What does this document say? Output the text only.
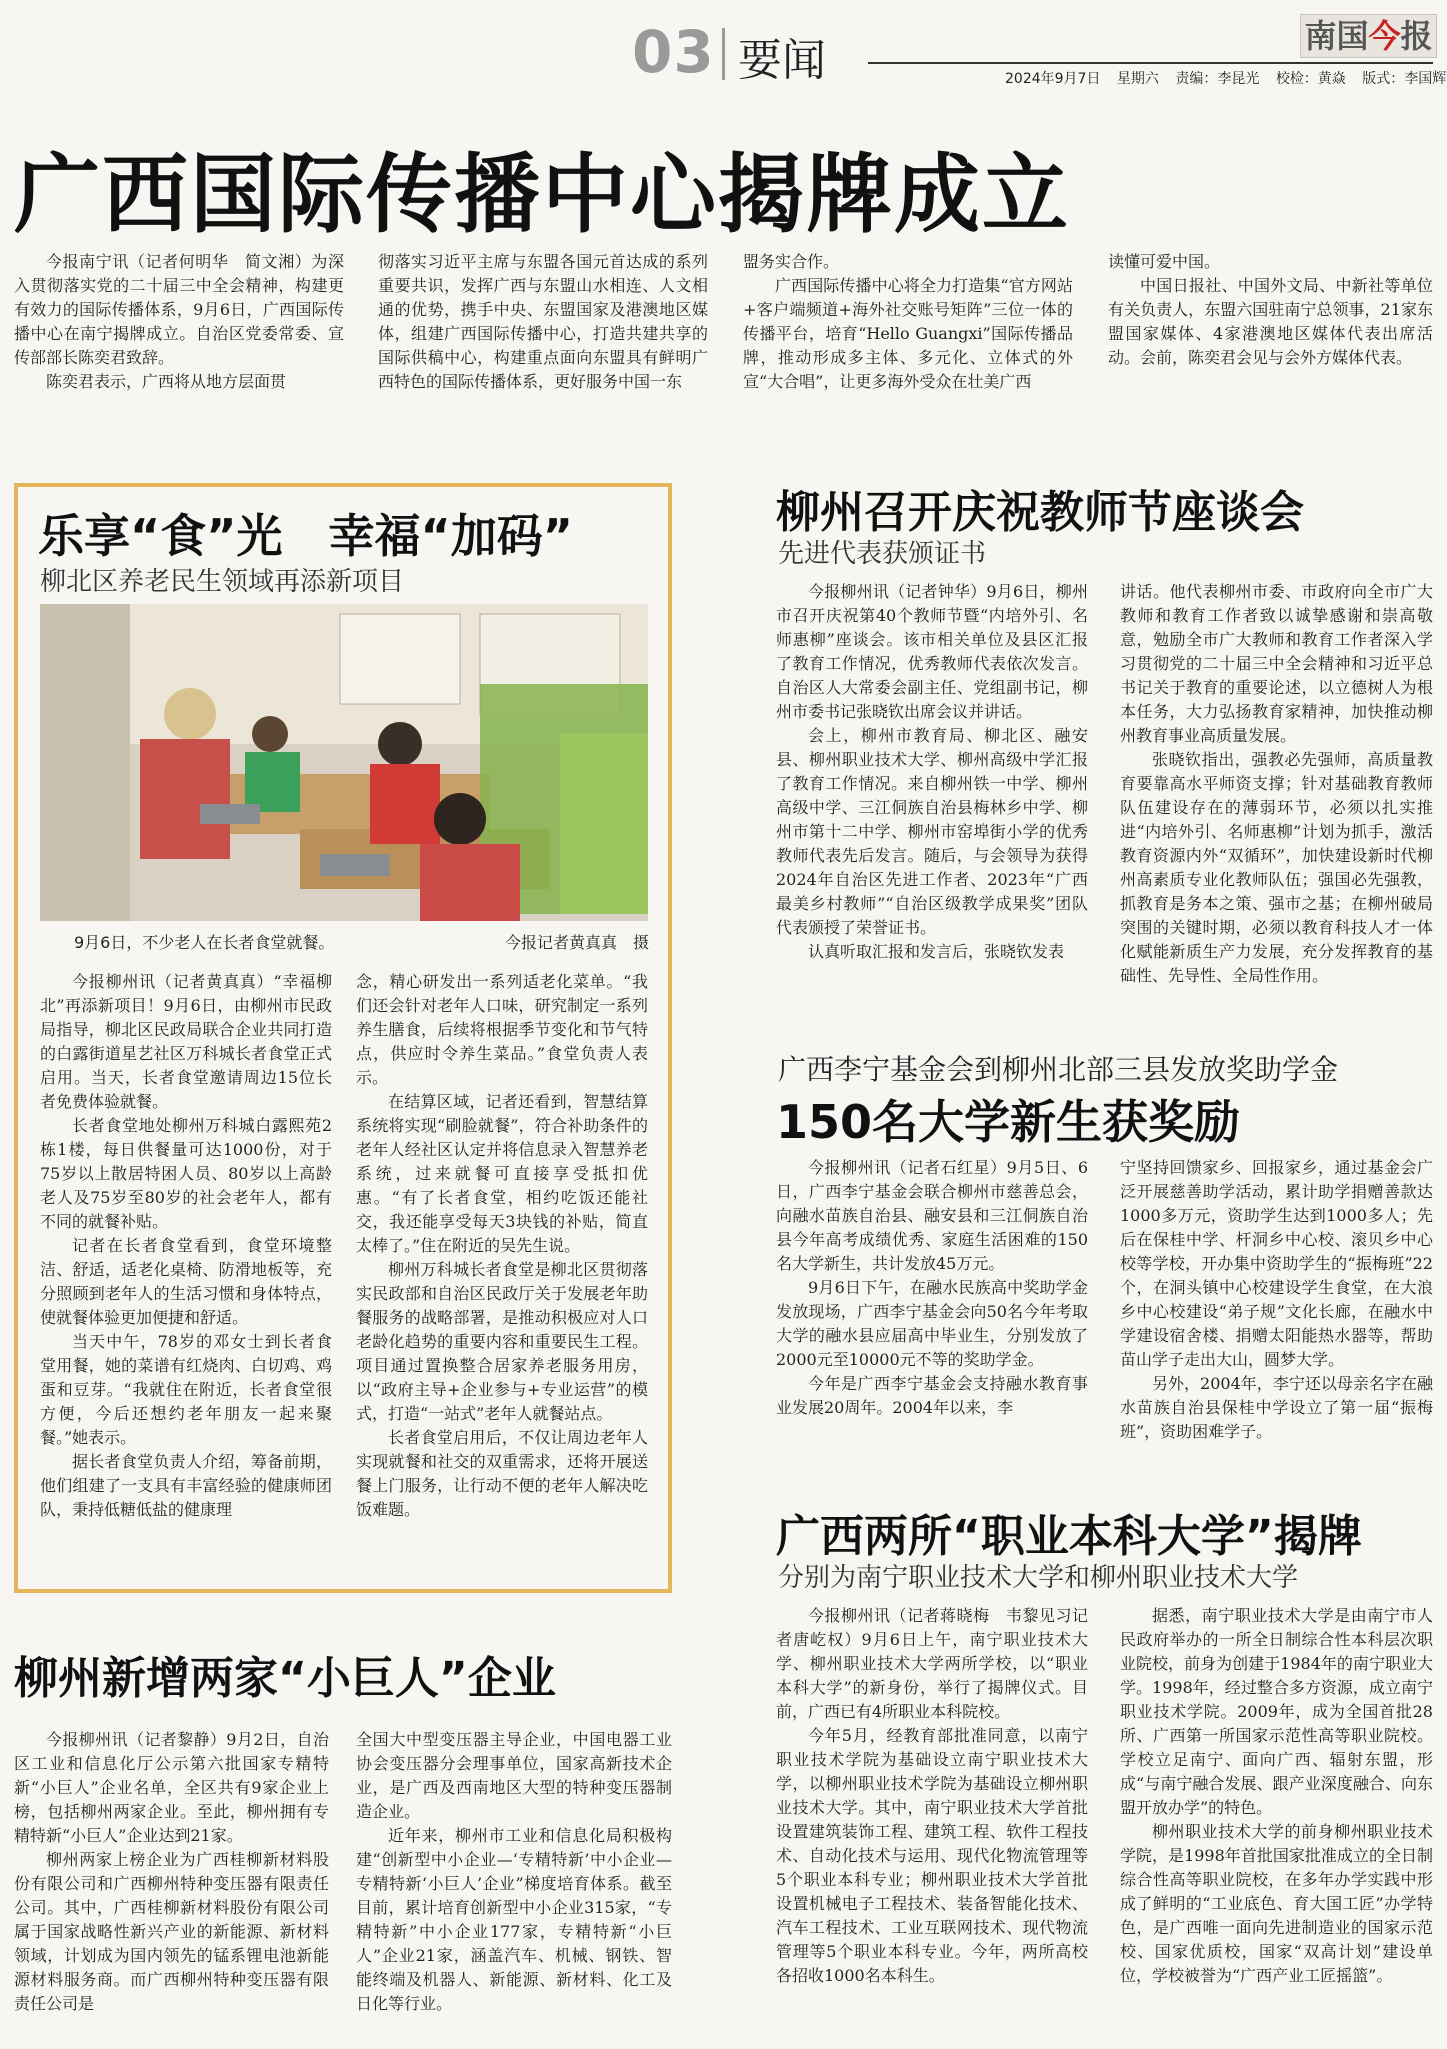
03 要闻	南国今报
2024年9月7日 星期六 责编：李昆光 校检：黄焱 版式：李国辉
广西国际传播中心揭牌成立

今报南宁讯（记者何明华　简文湘）为深入贯彻落实党的二十届三中全会精神，构建更有效力的国际传播体系，9月6日，广西国际传播中心在南宁揭牌成立。自治区党委常委、宣传部部长陈奕君致辞。

陈奕君表示，广西将从地方层面贯

彻落实习近平主席与东盟各国元首达成的系列重要共识，发挥广西与东盟山水相连、人文相通的优势，携手中央、东盟国家及港澳地区媒体，组建广西国际传播中心，打造共建共享的国际供稿中心，构建重点面向东盟具有鲜明广西特色的国际传播体系，更好服务中国一东

盟务实合作。

广西国际传播中心将全力打造集“官方网站+客户端频道+海外社交账号矩阵”三位一体的传播平台，培育“Hello Guangxi”国际传播品牌，推动形成多主体、多元化、立体式的外宣“大合唱”，让更多海外受众在壮美广西

读懂可爱中国。

中国日报社、中国外文局、中新社等单位有关负责人，东盟六国驻南宁总领事，21家东盟国家媒体、4家港澳地区媒体代表出席活动。会前，陈奕君会见与会外方媒体代表。

乐享“食”光　幸福“加码”
柳北区养老民生领域再添新项目
9月6日，不少老人在长者食堂就餐。	今报记者黄真真　摄

今报柳州讯（记者黄真真）“幸福柳北”再添新项目！9月6日，由柳州市民政局指导，柳北区民政局联合企业共同打造的白露街道星艺社区万科城长者食堂正式启用。当天，长者食堂邀请周边15位长者免费体验就餐。

长者食堂地处柳州万科城白露熙苑2栋1楼，每日供餐量可达1000份，对于75岁以上散居特困人员、80岁以上高龄老人及75岁至80岁的社会老年人，都有不同的就餐补贴。

记者在长者食堂看到，食堂环境整洁、舒适，适老化桌椅、防滑地板等，充分照顾到老年人的生活习惯和身体特点，使就餐体验更加便捷和舒适。

当天中午，78岁的邓女士到长者食堂用餐，她的菜谱有红烧肉、白切鸡、鸡蛋和豆芽。“我就住在附近，长者食堂很方便，今后还想约老年朋友一起来聚餐。”她表示。

据长者食堂负责人介绍，筹备前期，他们组建了一支具有丰富经验的健康师团队，秉持低糖低盐的健康理

念，精心研发出一系列适老化菜单。“我们还会针对老年人口味，研究制定一系列养生膳食，后续将根据季节变化和节气特点，供应时令养生菜品。”食堂负责人表示。

在结算区域，记者还看到，智慧结算系统将实现“刷脸就餐”，符合补助条件的老年人经社区认定并将信息录入智慧养老系统，过来就餐可直接享受抵扣优惠。“有了长者食堂，相约吃饭还能社交，我还能享受每天3块钱的补贴，简直太棒了。”住在附近的吴先生说。

柳州万科城长者食堂是柳北区贯彻落实民政部和自治区民政厅关于发展老年助餐服务的战略部署，是推动积极应对人口老龄化趋势的重要内容和重要民生工程。项目通过置换整合居家养老服务用房，以“政府主导+企业参与+专业运营”的模式，打造“一站式”老年人就餐站点。

长者食堂启用后，不仅让周边老年人实现就餐和社交的双重需求，还将开展送餐上门服务，让行动不便的老年人解决吃饭难题。

柳州新增两家“小巨人”企业

今报柳州讯（记者黎静）9月2日，自治区工业和信息化厅公示第六批国家专精特新“小巨人”企业名单，全区共有9家企业上榜，包括柳州两家企业。至此，柳州拥有专精特新“小巨人”企业达到21家。

柳州两家上榜企业为广西桂柳新材料股份有限公司和广西柳州特种变压器有限责任公司。其中，广西桂柳新材料股份有限公司属于国家战略性新兴产业的新能源、新材料领域，计划成为国内领先的锰系锂电池新能源材料服务商。而广西柳州特种变压器有限责任公司是

全国大中型变压器主导企业，中国电器工业协会变压器分会理事单位，国家高新技术企业，是广西及西南地区大型的特种变压器制造企业。

近年来，柳州市工业和信息化局积极构建“创新型中小企业—‘专精特新’中小企业—专精特新‘小巨人’企业”梯度培育体系。截至目前，累计培育创新型中小企业315家，“专精特新”中小企业177家，专精特新“小巨人”企业21家，涵盖汽车、机械、钢铁、智能终端及机器人、新能源、新材料、化工及日化等行业。

柳州召开庆祝教师节座谈会
先进代表获颁证书

今报柳州讯（记者钟华）9月6日，柳州市召开庆祝第40个教师节暨“内培外引、名师惠柳”座谈会。该市相关单位及县区汇报了教育工作情况，优秀教师代表依次发言。自治区人大常委会副主任、党组副书记，柳州市委书记张晓钦出席会议并讲话。

会上，柳州市教育局、柳北区、融安县、柳州职业技术大学、柳州高级中学汇报了教育工作情况。来自柳州铁一中学、柳州高级中学、三江侗族自治县梅林乡中学、柳州市第十二中学、柳州市窑埠街小学的优秀教师代表先后发言。随后，与会领导为获得2024年自治区先进工作者、2023年“广西最美乡村教师”“自治区级教学成果奖”团队代表颁授了荣誉证书。

认真听取汇报和发言后，张晓钦发表

讲话。他代表柳州市委、市政府向全市广大教师和教育工作者致以诚挚感谢和崇高敬意，勉励全市广大教师和教育工作者深入学习贯彻党的二十届三中全会精神和习近平总书记关于教育的重要论述，以立德树人为根本任务，大力弘扬教育家精神，加快推动柳州教育事业高质量发展。

张晓钦指出，强教必先强师，高质量教育要靠高水平师资支撑；针对基础教育教师队伍建设存在的薄弱环节，必须以扎实推进“内培外引、名师惠柳”计划为抓手，激活教育资源内外“双循环”，加快建设新时代柳州高素质专业化教师队伍；强国必先强教，抓教育是务本之策、强市之基；在柳州破局突围的关键时期，必须以教育科技人才一体化赋能新质生产力发展，充分发挥教育的基础性、先导性、全局性作用。

广西李宁基金会到柳州北部三县发放奖助学金
150名大学新生获奖励

今报柳州讯（记者石红星）9月5日、6日，广西李宁基金会联合柳州市慈善总会，向融水苗族自治县、融安县和三江侗族自治县今年高考成绩优秀、家庭生活困难的150名大学新生，共计发放45万元。

9月6日下午，在融水民族高中奖助学金发放现场，广西李宁基金会向50名今年考取大学的融水县应届高中毕业生，分别发放了2000元至10000元不等的奖助学金。

今年是广西李宁基金会支持融水教育事业发展20周年。2004年以来，李

宁坚持回馈家乡、回报家乡，通过基金会广泛开展慈善助学活动，累计助学捐赠善款达1000多万元，资助学生达到1000多人；先后在保桂中学、杆洞乡中心校、滚贝乡中心校等学校，开办集中资助学生的“振梅班”22个，在洞头镇中心校建设学生食堂，在大浪乡中心校建设“弟子规”文化长廊，在融水中学建设宿舍楼、捐赠太阳能热水器等，帮助苗山学子走出大山，圆梦大学。

另外，2004年，李宁还以母亲名字在融水苗族自治县保桂中学设立了第一届“振梅班”，资助困难学子。

广西两所“职业本科大学”揭牌
分别为南宁职业技术大学和柳州职业技术大学

今报柳州讯（记者蒋晓梅　韦黎见习记者唐屹权）9月6日上午，南宁职业技术大学、柳州职业技术大学两所学校，以“职业本科大学”的新身份，举行了揭牌仪式。目前，广西已有4所职业本科院校。

今年5月，经教育部批准同意，以南宁职业技术学院为基础设立南宁职业技术大学，以柳州职业技术学院为基础设立柳州职业技术大学。其中，南宁职业技术大学首批设置建筑装饰工程、建筑工程、软件工程技术、自动化技术与运用、现代化物流管理等5个职业本科专业；柳州职业技术大学首批设置机械电子工程技术、装备智能化技术、汽车工程技术、工业互联网技术、现代物流管理等5个职业本科专业。今年，两所高校各招收1000名本科生。

据悉，南宁职业技术大学是由南宁市人民政府举办的一所全日制综合性本科层次职业院校，前身为创建于1984年的南宁职业大学。1998年，经过整合多方资源，成立南宁职业技术学院。2009年，成为全国首批28所、广西第一所国家示范性高等职业院校。学校立足南宁、面向广西、辐射东盟，形成“与南宁融合发展、跟产业深度融合、向东盟开放办学”的特色。

柳州职业技术大学的前身柳州职业技术学院，是1998年首批国家批准成立的全日制综合性高等职业院校，在多年办学实践中形成了鲜明的“工业底色、育大国工匠”办学特色，是广西唯一面向先进制造业的国家示范校、国家优质校，国家“双高计划”建设单位，学校被誉为“广西产业工匠摇篮”。
